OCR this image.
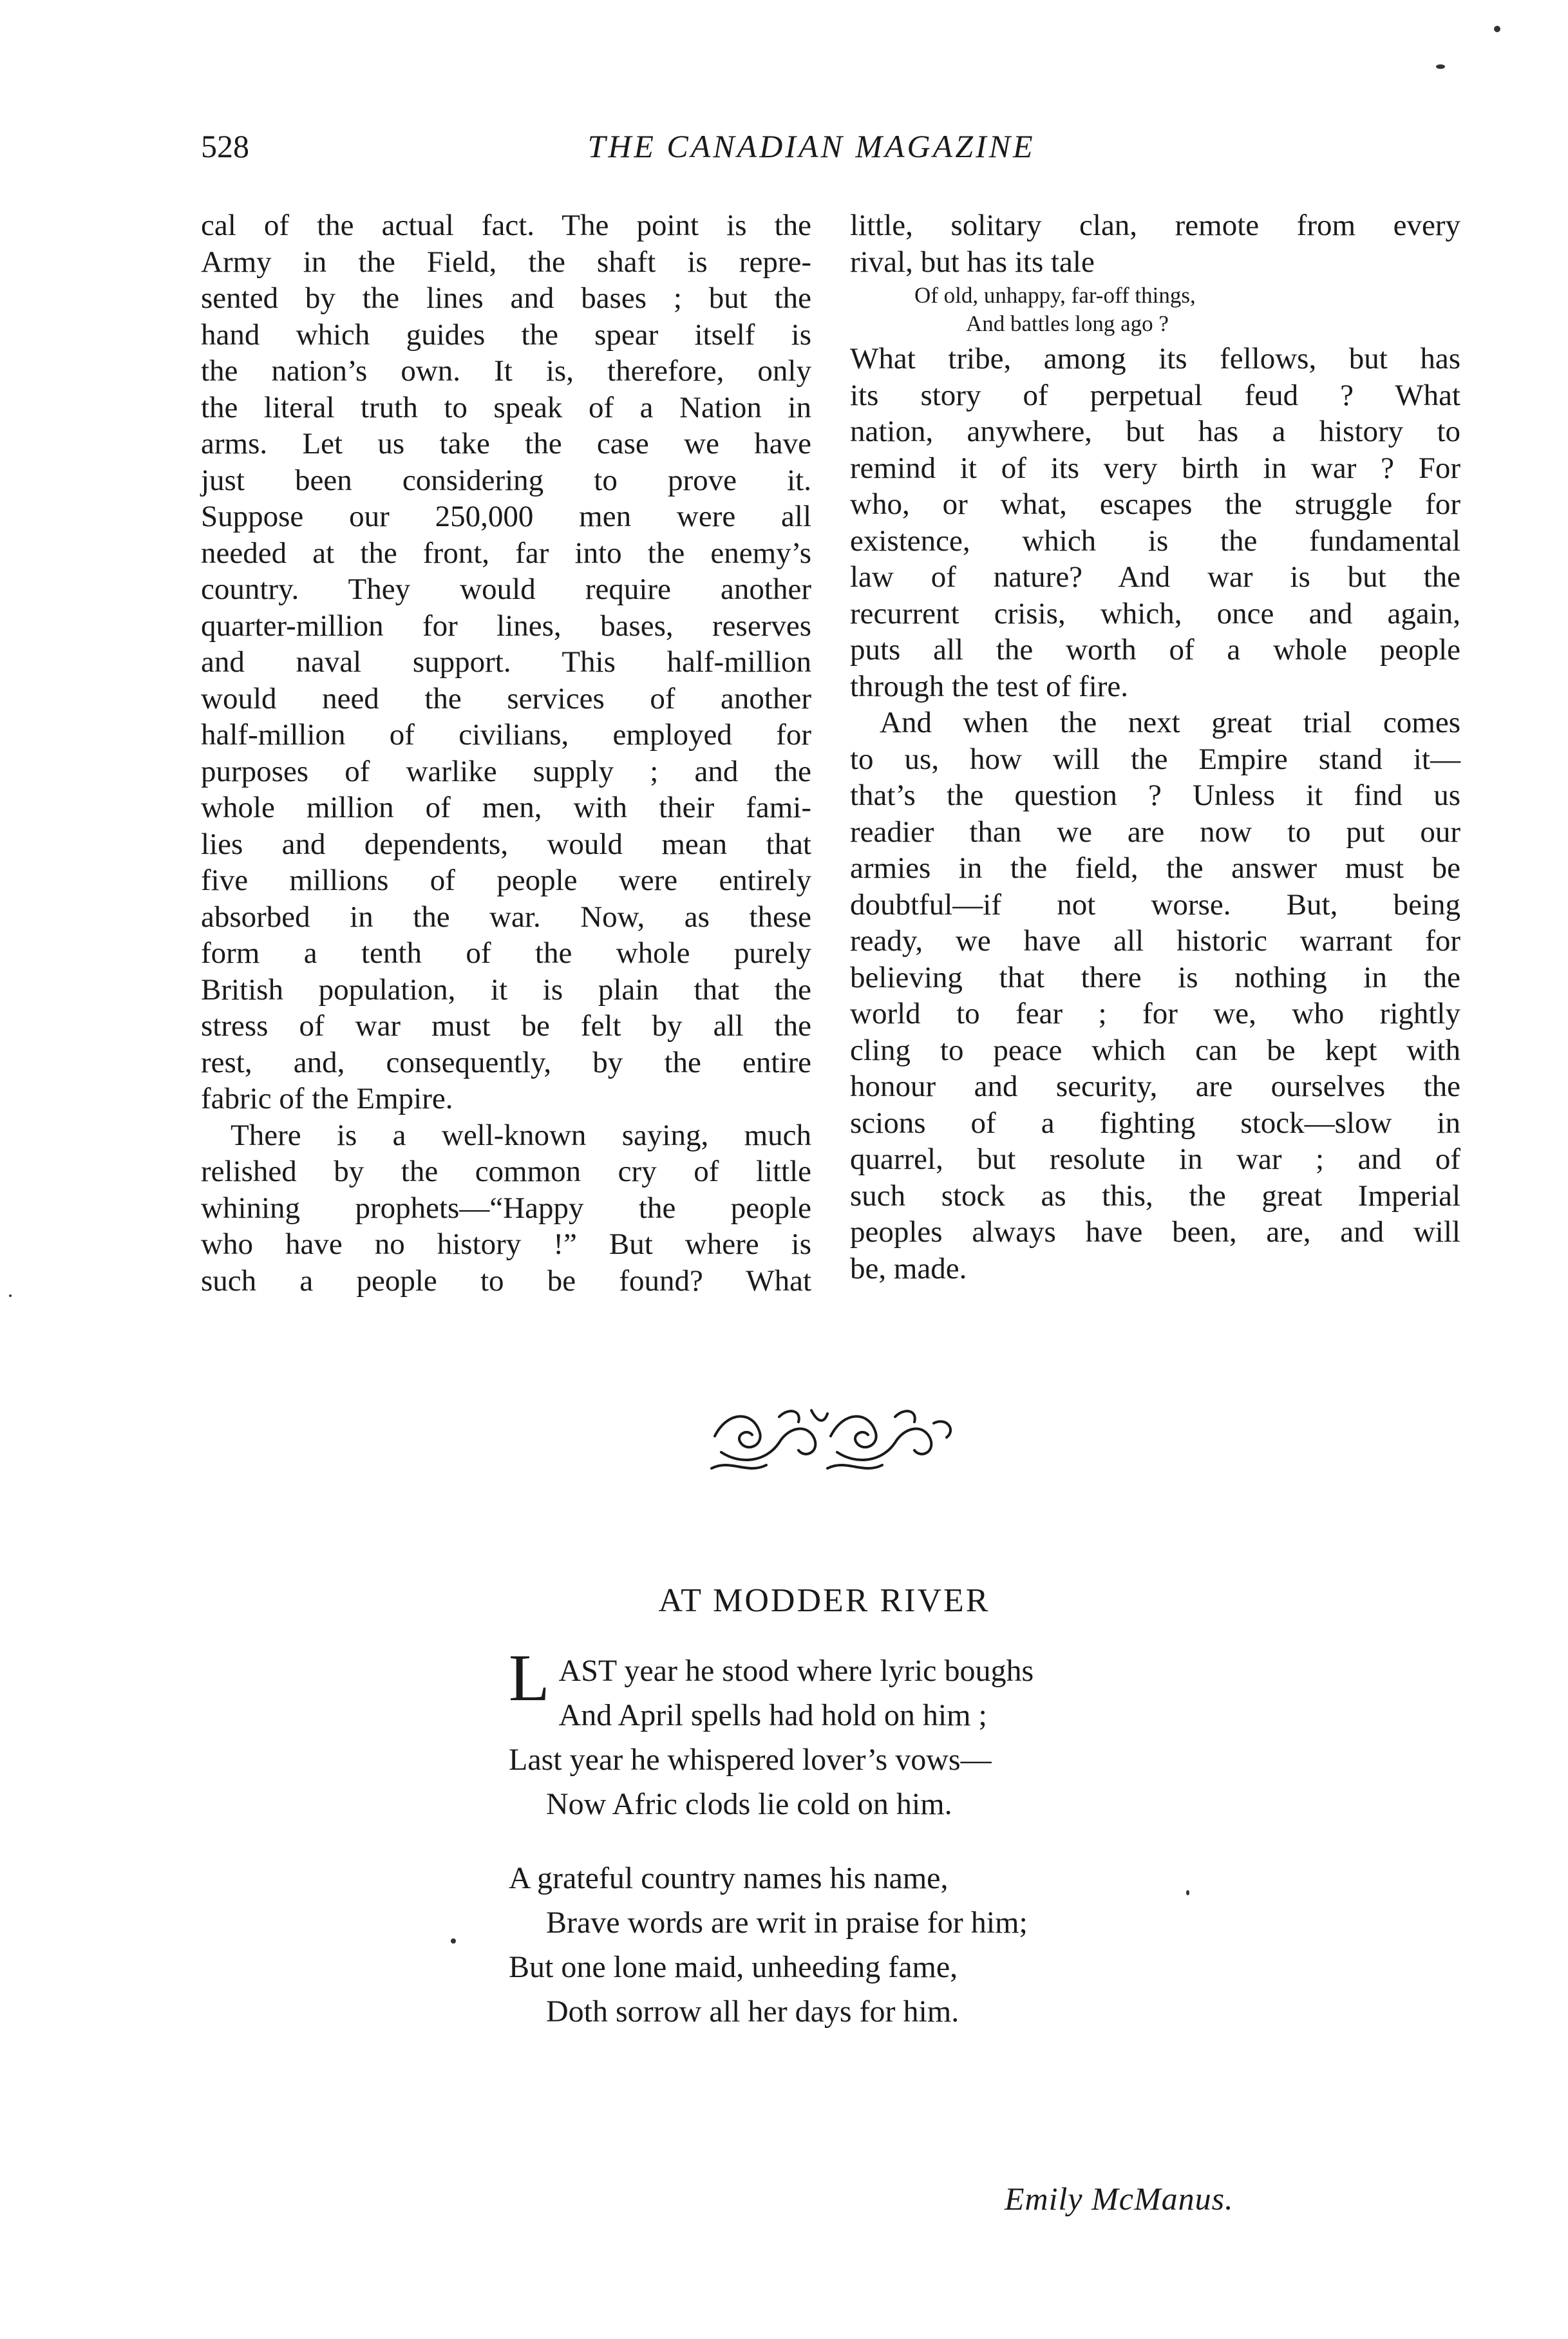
528	THE CANADIAN MAGAZINE
cal of the actual fact. The point is the
Army in the Field, the shaft is repre-
sented by the lines and bases ; but the
hand which guides the spear itself is
the nation’s own. It is, therefore, only
the literal truth to speak of a Nation in
arms. Let us take the case we have
just been considering to prove it.
Suppose our 250,000 men were all
needed at the front, far into the enemy’s
country. They would require another
quarter-million for lines, bases, reserves
and naval support. This half-million
would need the services of another
half-million of civilians, employed for
purposes of warlike supply ; and the
whole million of men, with their fami-
lies and dependents, would mean that
five millions of people were entirely
absorbed in the war. Now, as these
form a tenth of the whole purely
British population, it is plain that the
stress of war must be felt by all the
rest, and, consequently, by the entire
fabric of the Empire.
There is a well-known saying, much
relished by the common cry of little
whining prophets—“Happy the people
who have no history !” But where is
such a people to be found? What
little, solitary clan, remote from every
rival, but has its tale
Of old, unhappy, far-off things,
And battles long ago ?
What tribe, among its fellows, but has
its story of perpetual feud ? What
nation, anywhere, but has a history to
remind it of its very birth in war ? For
who, or what, escapes the struggle for
existence, which is the fundamental
law of nature? And war is but the
recurrent crisis, which, once and again,
puts all the worth of a whole people
through the test of fire.
And when the next great trial comes
to us, how will the Empire stand it—
that’s the question ? Unless it find us
readier than we are now to put our
armies in the field, the answer must be
doubtful—if not worse. But, being
ready, we have all historic warrant for
believing that there is nothing in the
world to fear ; for we, who rightly
cling to peace which can be kept with
honour and security, are ourselves the
scions of a fighting stock—slow in
quarrel, but resolute in war ; and of
such stock as this, the great Imperial
peoples always have been, are, and will
be, made.
AT MODDER RIVER
LAST year he stood where lyric boughs
And April spells had hold on him ;
Last year he whispered lover’s vows—
Now Afric clods lie cold on him.
A grateful country names his name,
Brave words are writ in praise for him;
But one lone maid, unheeding fame,
Doth sorrow all her days for him.
Emily McManus.
